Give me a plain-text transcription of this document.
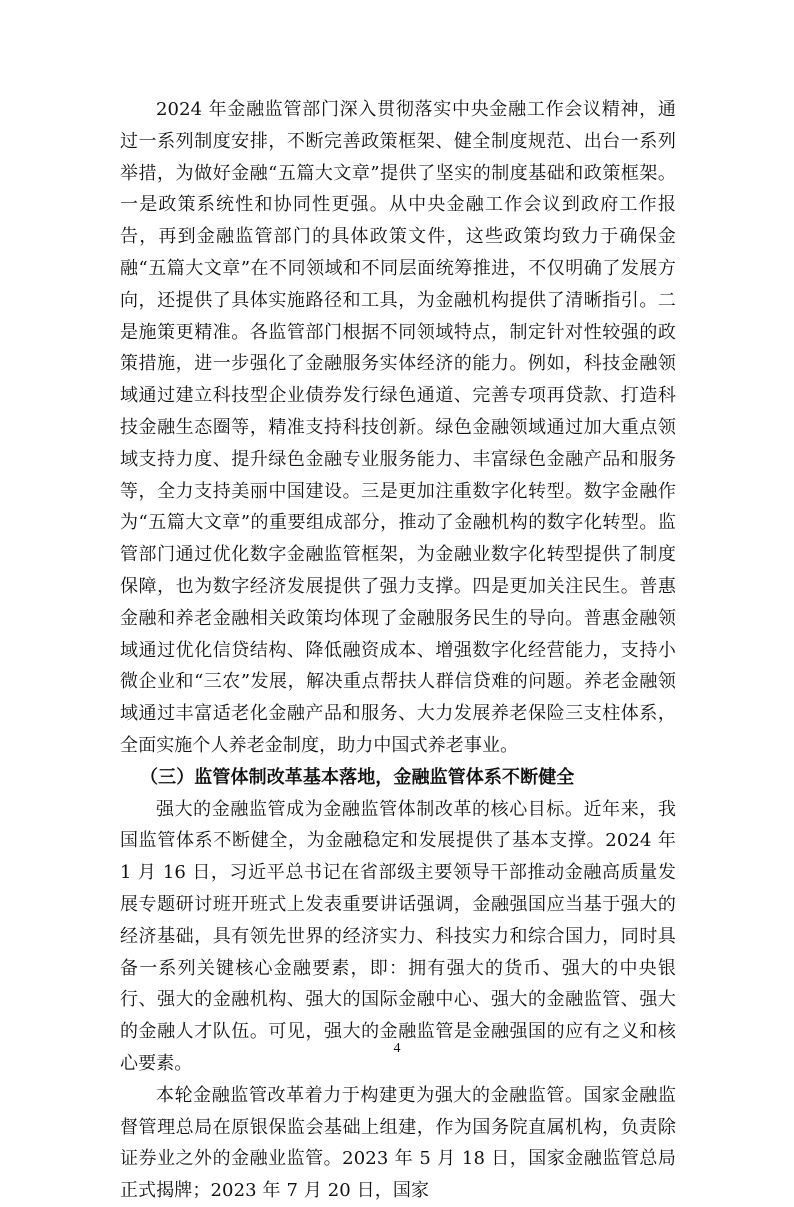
2024 年金融监管部门深入贯彻落实中央金融工作会议精神，通过一系列制度安排，不断完善政策框架、健全制度规范、出台一系列举措，为做好金融“五篇大文章”提供了坚实的制度基础和政策框架。一是政策系统性和协同性更强。从中央金融工作会议到政府工作报告，再到金融监管部门的具体政策文件，这些政策均致力于确保金融“五篇大文章”在不同领域和不同层面统筹推进，不仅明确了发展方向，还提供了具体实施路径和工具，为金融机构提供了清晰指引。二是施策更精准。各监管部门根据不同领域特点，制定针对性较强的政策措施，进一步强化了金融服务实体经济的能力。例如，科技金融领域通过建立科技型企业债券发行绿色通道、完善专项再贷款、打造科技金融生态圈等，精准支持科技创新。绿色金融领域通过加大重点领域支持力度、提升绿色金融专业服务能力、丰富绿色金融产品和服务等，全力支持美丽中国建设。三是更加注重数字化转型。数字金融作为“五篇大文章”的重要组成部分，推动了金融机构的数字化转型。监管部门通过优化数字金融监管框架，为金融业数字化转型提供了制度保障，也为数字经济发展提供了强力支撑。四是更加关注民生。普惠金融和养老金融相关政策均体现了金融服务民生的导向。普惠金融领域通过优化信贷结构、降低融资成本、增强数字化经营能力，支持小微企业和“三农”发展，解决重点帮扶人群信贷难的问题。养老金融领域通过丰富适老化金融产品和服务、大力发展养老保险三支柱体系，全面实施个人养老金制度，助力中国式养老事业。

（三）监管体制改革基本落地，金融监管体系不断健全

强大的金融监管成为金融监管体制改革的核心目标。近年来，我国监管体系不断健全，为金融稳定和发展提供了基本支撑。2024 年 1 月 16 日，习近平总书记在省部级主要领导干部推动金融高质量发展专题研讨班开班式上发表重要讲话强调，金融强国应当基于强大的经济基础，具有领先世界的经济实力、科技实力和综合国力，同时具备一系列关键核心金融要素，即：拥有强大的货币、强大的中央银行、强大的金融机构、强大的国际金融中心、强大的金融监管、强大的金融人才队伍。可见，强大的金融监管是金融强国的应有之义和核心要素。

本轮金融监管改革着力于构建更为强大的金融监管。国家金融监督管理总局在原银保监会基础上组建，作为国务院直属机构，负责除证券业之外的金融业监管。2023 年 5 月 18 日，国家金融监管总局正式揭牌；2023 年 7 月 20 日，国家

4
